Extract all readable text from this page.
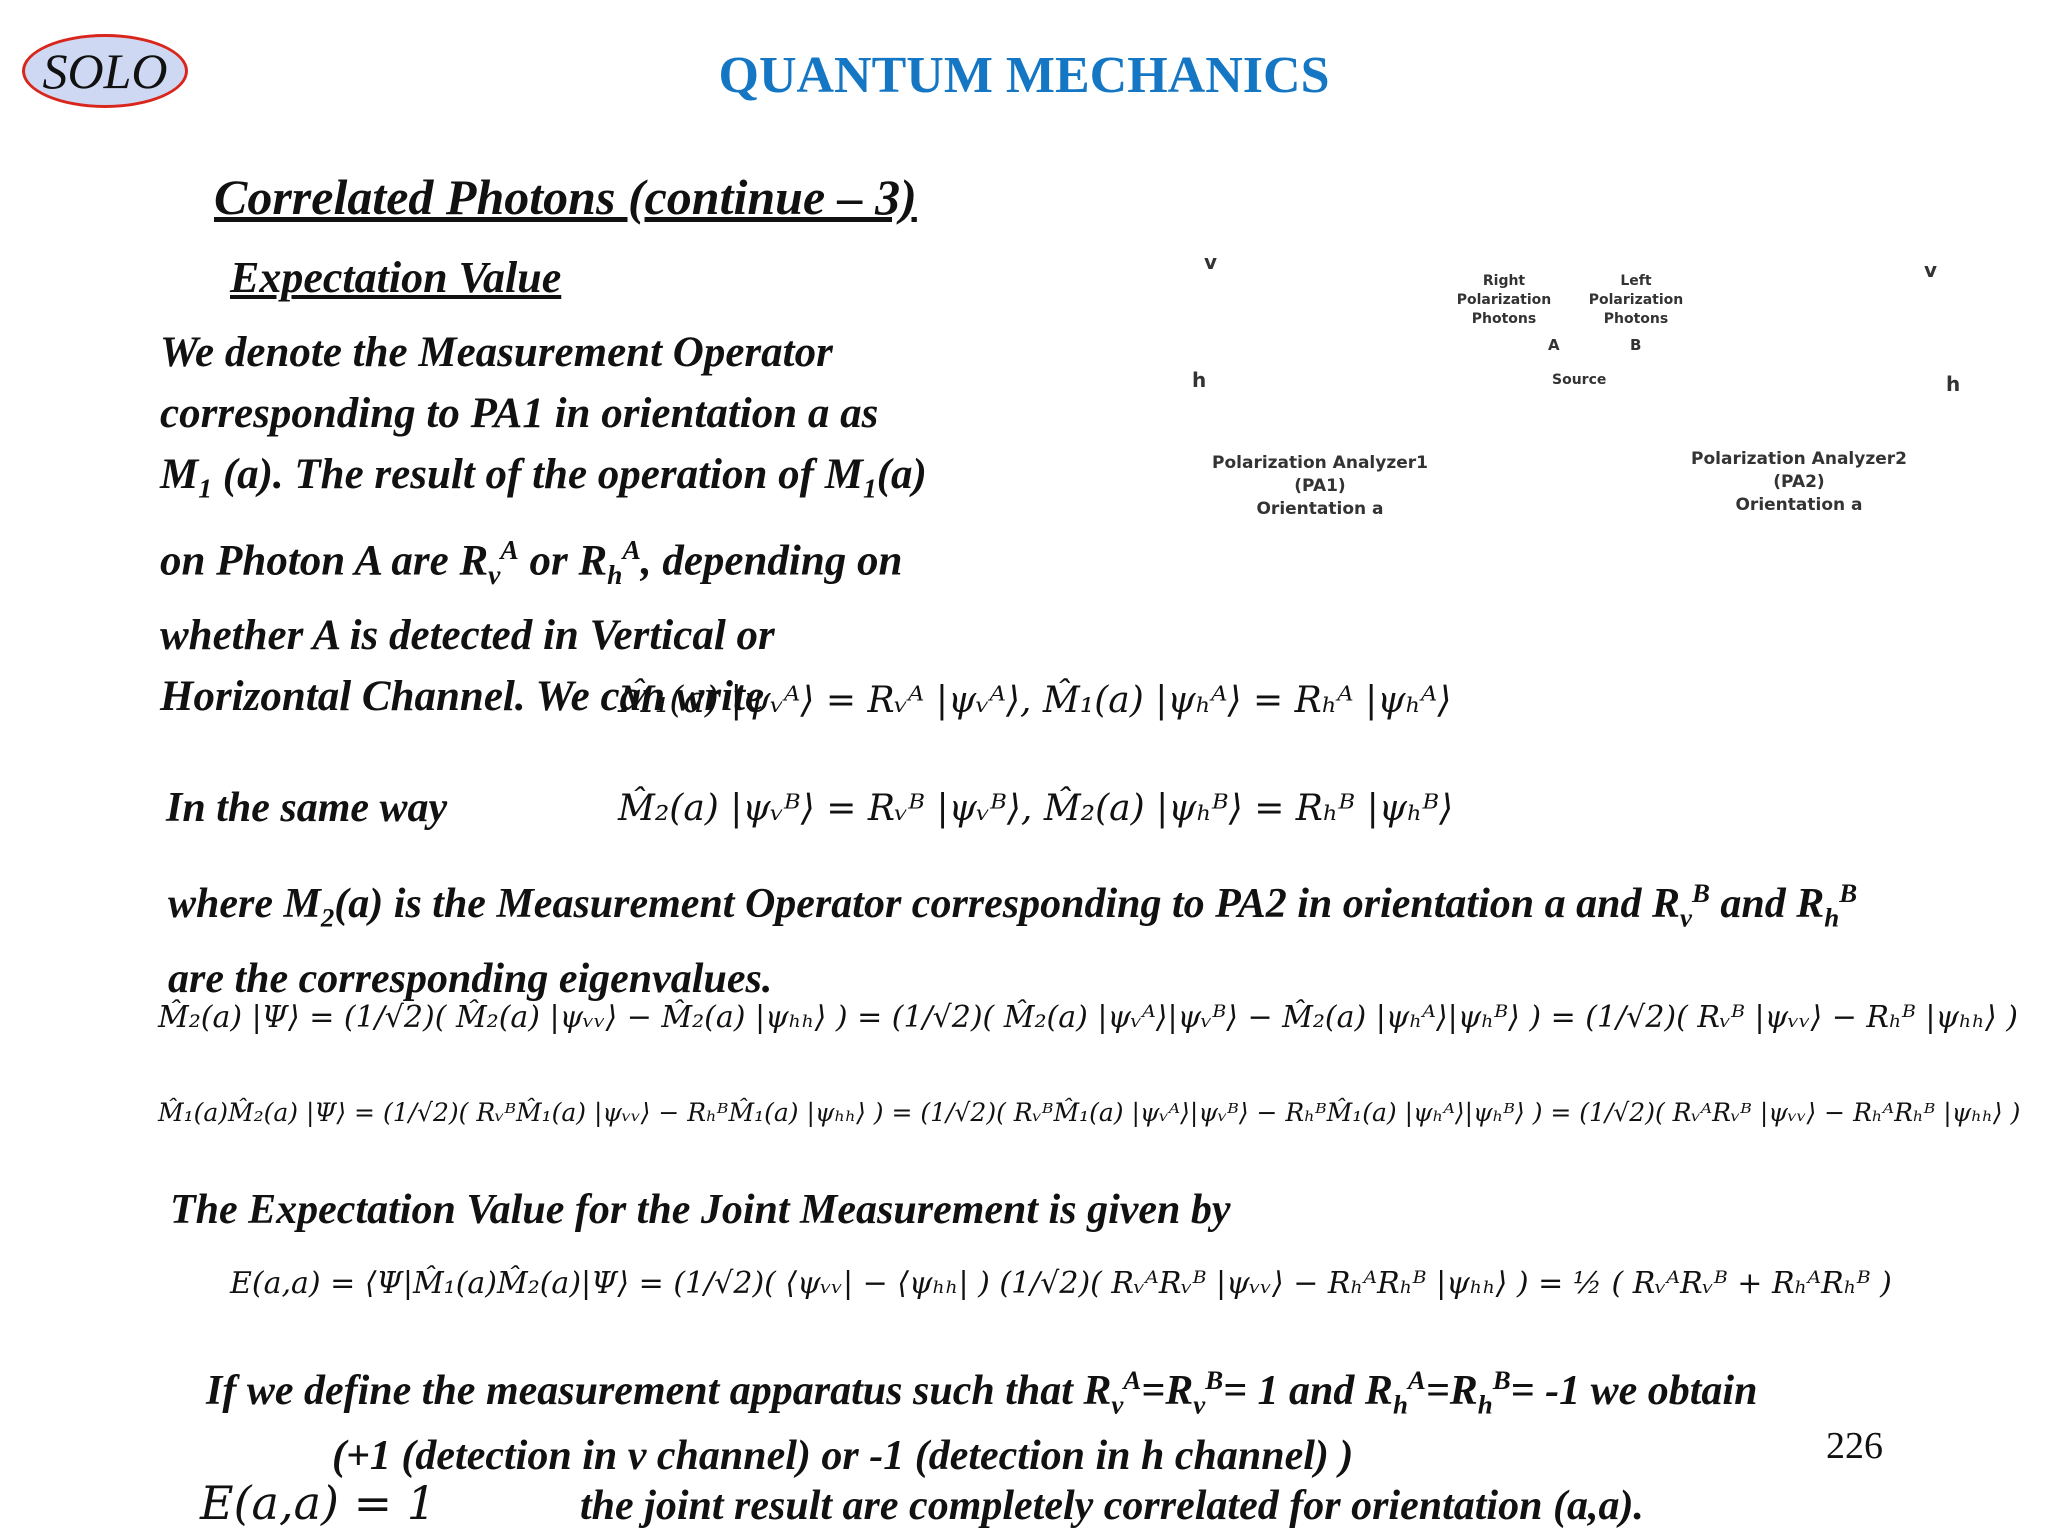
SOLO	QUANTUM MECHANICS
Correlated Photons (continue – 3)
Expectation Value
We denote the Measurement Operator
corresponding to PA1 in orientation a as
$M_1$ (a). The result of the operation of $M_1(a)$
on Photon A are $R_v^A$ or $R_h^A$, depending on
whether A is detected in Vertical or
Horizontal Channel. We can write
v
h
v
h
Right Polarization Photons
Left Polarization Photons
A	B
Source
Polarization Analyzer1 (PA1)
Orientation a
Polarization Analyzer2 (PA2)
Orientation a
M̂₁(a) |ψᵥᴬ⟩ = Rᵥᴬ |ψᵥᴬ⟩, M̂₁(a) |ψₕᴬ⟩ = Rₕᴬ |ψₕᴬ⟩
In the same way	M̂₂(a) |ψᵥᴮ⟩ = Rᵥᴮ |ψᵥᴮ⟩, M̂₂(a) |ψₕᴮ⟩ = Rₕᴮ |ψₕᴮ⟩
where $M_2(a)$ is the Measurement Operator corresponding to PA2 in orientation a and $R_v^B$ and $R_h^B$
are the corresponding eigenvalues.
M̂₂(a) |Ψ⟩ = (1/√2)( M̂₂(a) |ψᵥᵥ⟩ − M̂₂(a) |ψₕₕ⟩ ) = (1/√2)( M̂₂(a) |ψᵥᴬ⟩|ψᵥᴮ⟩ − M̂₂(a) |ψₕᴬ⟩|ψₕᴮ⟩ ) = (1/√2)( Rᵥᴮ |ψᵥᵥ⟩ − Rₕᴮ |ψₕₕ⟩ )
M̂₁(a)M̂₂(a) |Ψ⟩ = (1/√2)( RᵥᴮM̂₁(a) |ψᵥᵥ⟩ − RₕᴮM̂₁(a) |ψₕₕ⟩ ) = (1/√2)( RᵥᴮM̂₁(a) |ψᵥᴬ⟩|ψᵥᴮ⟩ − RₕᴮM̂₁(a) |ψₕᴬ⟩|ψₕᴮ⟩ ) = (1/√2)( RᵥᴬRᵥᴮ |ψᵥᵥ⟩ − RₕᴬRₕᴮ |ψₕₕ⟩ )
The Expectation Value for the Joint Measurement is given by
E(a,a) = ⟨Ψ|M̂₁(a)M̂₂(a)|Ψ⟩ = (1/√2)( ⟨ψᵥᵥ| − ⟨ψₕₕ| ) (1/√2)( RᵥᴬRᵥᴮ |ψᵥᵥ⟩ − RₕᴬRₕᴮ |ψₕₕ⟩ ) = ½ ( RᵥᴬRᵥᴮ + RₕᴬRₕᴮ )
If we define the measurement apparatus such that $R_v^A=R_v^B= 1$ and $R_h^A=R_h^B= -1$ we obtain
(+1 (detection in v channel) or -1 (detection in h channel) )	226
E(a,a) = 1	the joint result are completely correlated for orientation (a,a).
